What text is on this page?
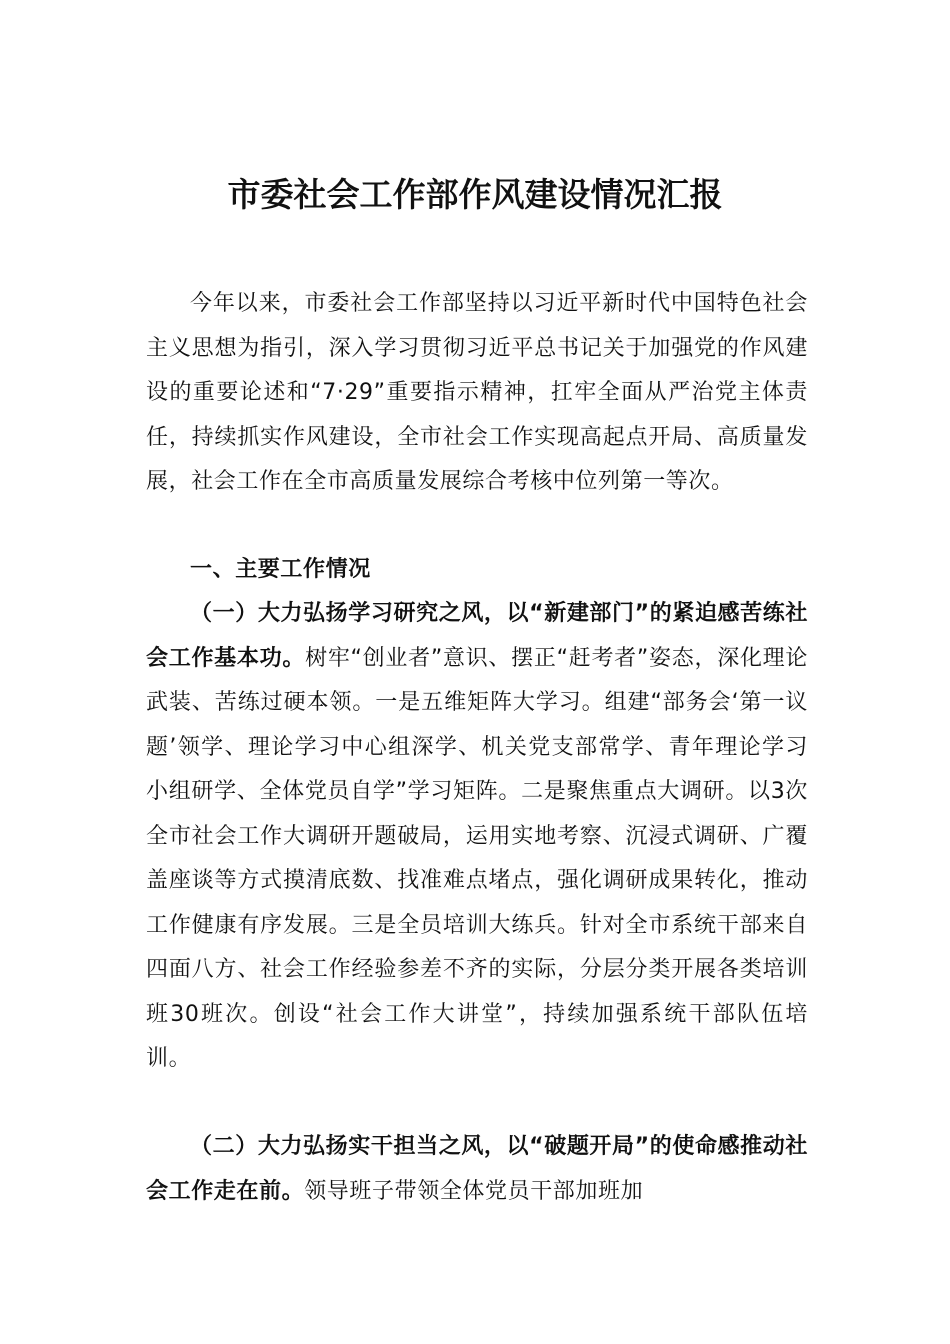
市委社会工作部作风建设情况汇报

今年以来，市委社会工作部坚持以习近平新时代中国特色社会主义思想为指引，深入学习贯彻习近平总书记关于加强党的作风建设的重要论述和“7·29”重要指示精神，扛牢全面从严治党主体责任，持续抓实作风建设，全市社会工作实现高起点开局、高质量发展，社会工作在全市高质量发展综合考核中位列第一等次。

一、主要工作情况

（一）大力弘扬学习研究之风，以“新建部门”的紧迫感苦练社会工作基本功。树牢“创业者”意识、摆正“赶考者”姿态，深化理论武装、苦练过硬本领。一是五维矩阵大学习。组建“部务会‘第一议题’领学、理论学习中心组深学、机关党支部常学、青年理论学习小组研学、全体党员自学”学习矩阵。二是聚焦重点大调研。以3次全市社会工作大调研开题破局，运用实地考察、沉浸式调研、广覆盖座谈等方式摸清底数、找准难点堵点，强化调研成果转化，推动工作健康有序发展。三是全员培训大练兵。针对全市系统干部来自四面八方、社会工作经验参差不齐的实际，分层分类开展各类培训班30班次。创设“社会工作大讲堂”，持续加强系统干部队伍培训。

（二）大力弘扬实干担当之风，以“破题开局”的使命感推动社会工作走在前。领导班子带领全体党员干部加班加
